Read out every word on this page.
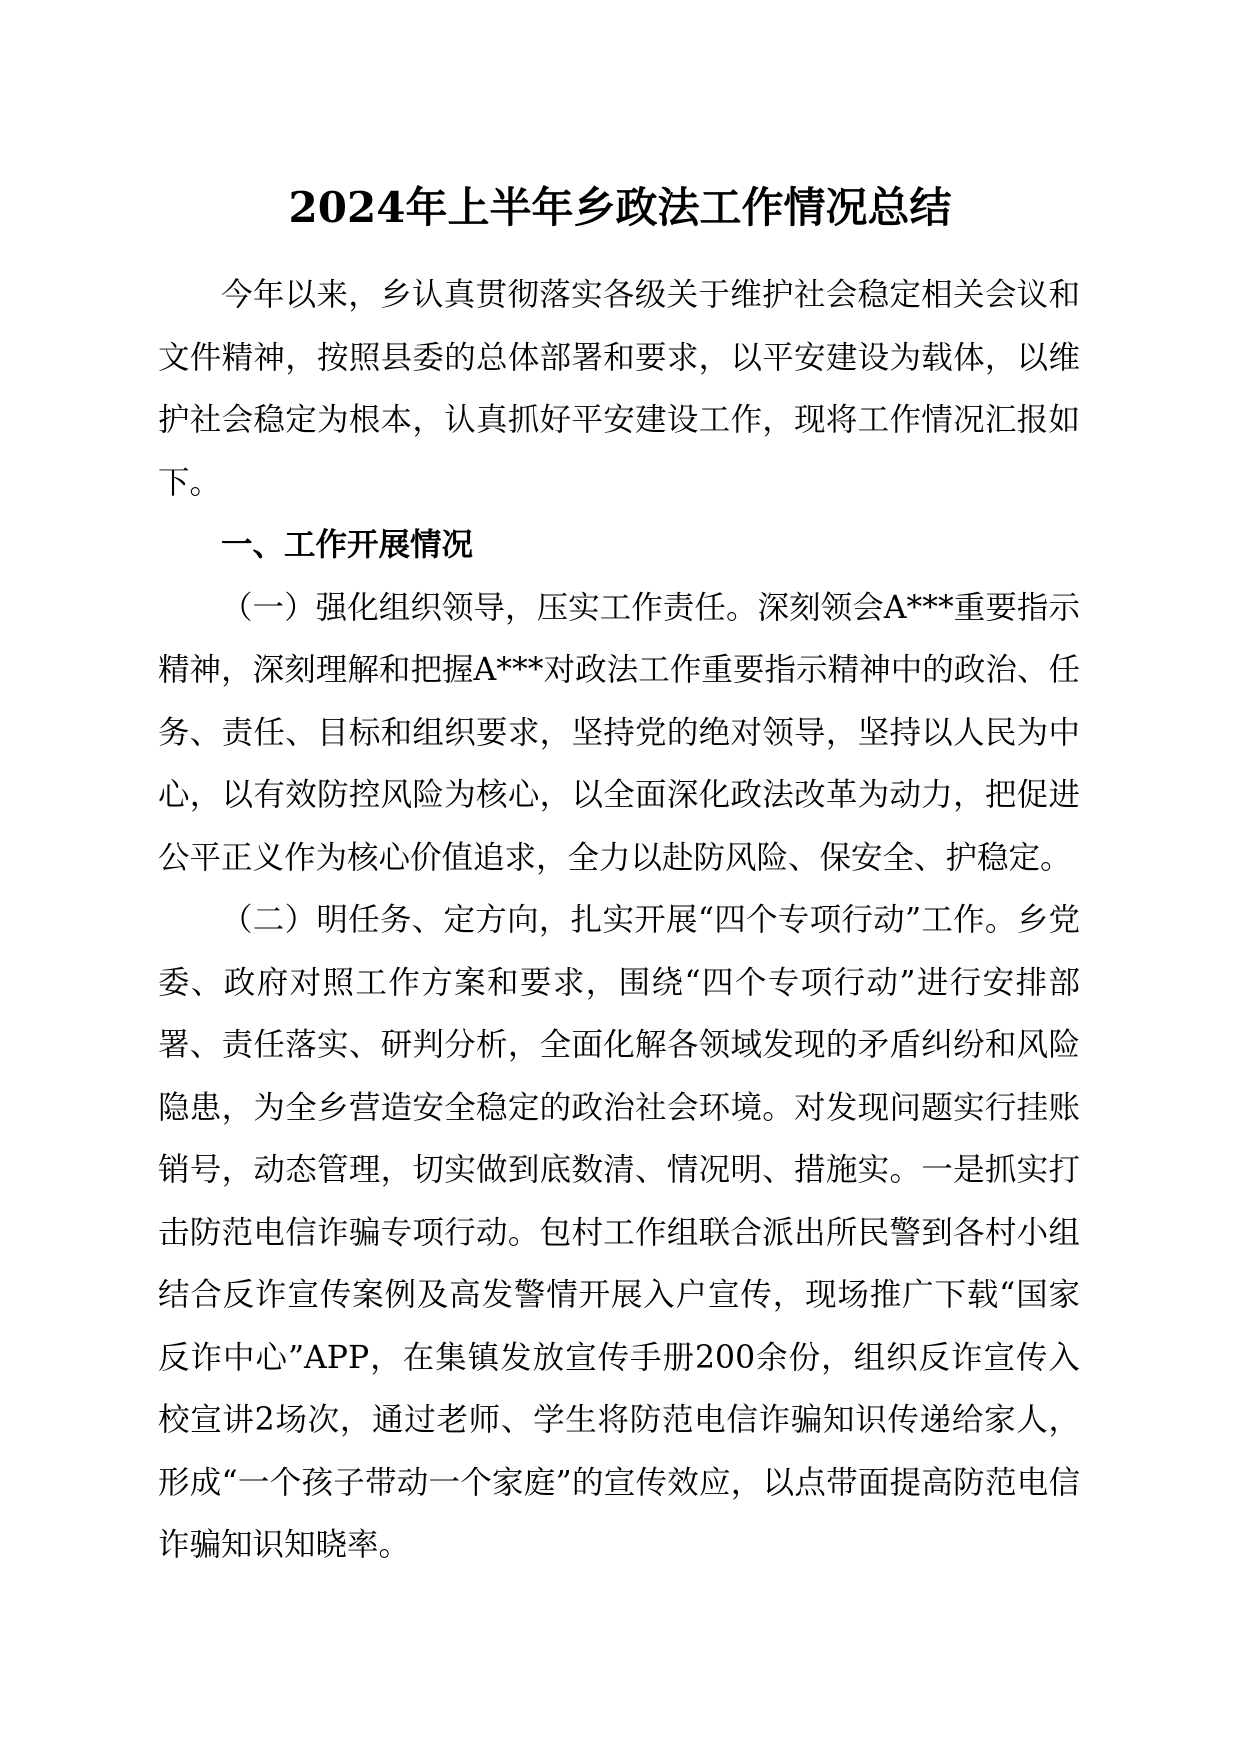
2024年上半年乡政法工作情况总结

今年以来，乡认真贯彻落实各级关于维护社会稳定相关会议和文件精神，按照县委的总体部署和要求，以平安建设为载体，以维护社会稳定为根本，认真抓好平安建设工作，现将工作情况汇报如下。

一、工作开展情况

（一）强化组织领导，压实工作责任。深刻领会A***重要指示精神，深刻理解和把握A***对政法工作重要指示精神中的政治、任务、责任、目标和组织要求，坚持党的绝对领导，坚持以人民为中心，以有效防控风险为核心，以全面深化政法改革为动力，把促进公平正义作为核心价值追求，全力以赴防风险、保安全、护稳定。

（二）明任务、定方向，扎实开展“四个专项行动”工作。乡党委、政府对照工作方案和要求，围绕“四个专项行动”进行安排部署、责任落实、研判分析，全面化解各领域发现的矛盾纠纷和风险隐患，为全乡营造安全稳定的政治社会环境。对发现问题实行挂账销号，动态管理，切实做到底数清、情况明、措施实。一是抓实打击防范电信诈骗专项行动。包村工作组联合派出所民警到各村小组结合反诈宣传案例及高发警情开展入户宣传，现场推广下载“国家反诈中心”APP，在集镇发放宣传手册200余份，组织反诈宣传入校宣讲2场次，通过老师、学生将防范电信诈骗知识传递给家人，形成“一个孩子带动一个家庭”的宣传效应，以点带面提高防范电信诈骗知识知晓率。
